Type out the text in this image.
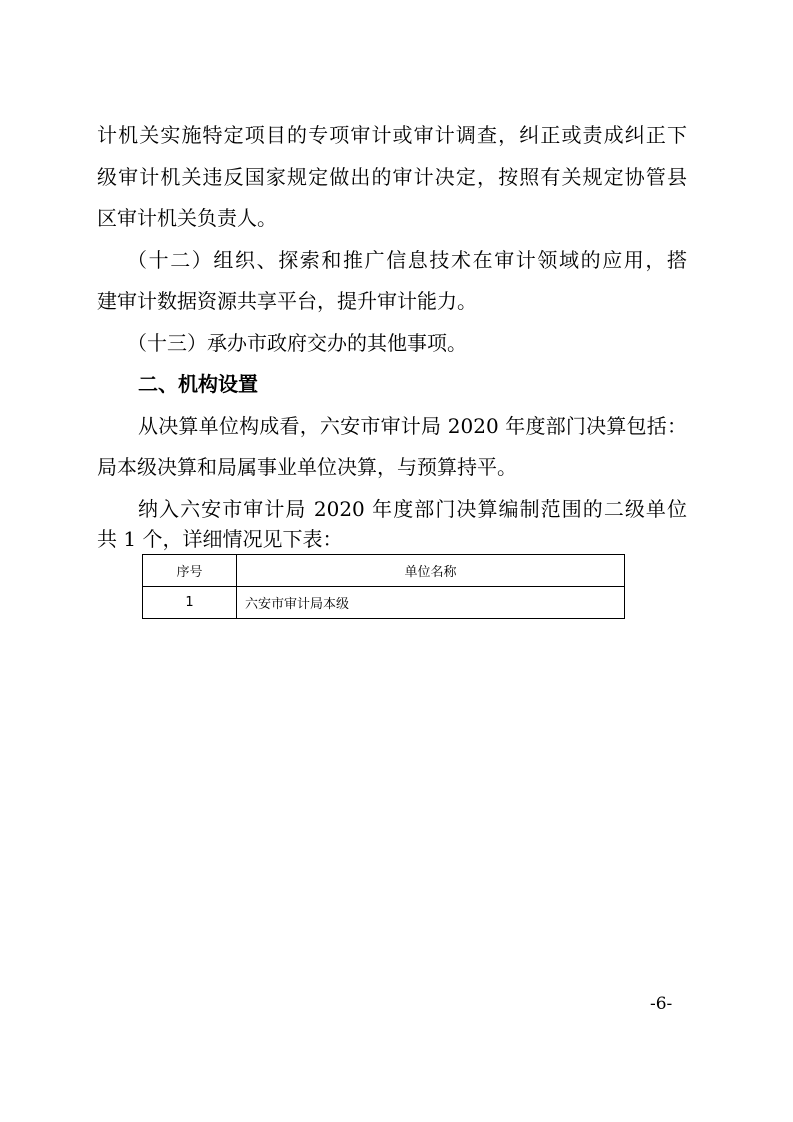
计机关实施特定项目的专项审计或审计调查，纠正或责成纠正下
级审计机关违反国家规定做出的审计决定，按照有关规定协管县
区审计机关负责人。
（十二）组织、探索和推广信息技术在审计领域的应用，搭
建审计数据资源共享平台，提升审计能力。
（十三）承办市政府交办的其他事项。
二、机构设置
从决算单位构成看，六安市审计局 2020 年度部门决算包括：
局本级决算和局属事业单位决算，与预算持平。
纳入六安市审计局 2020 年度部门决算编制范围的二级单位
共 1 个，详细情况见下表：
序号	单位名称
1	六安市审计局本级
-6-
